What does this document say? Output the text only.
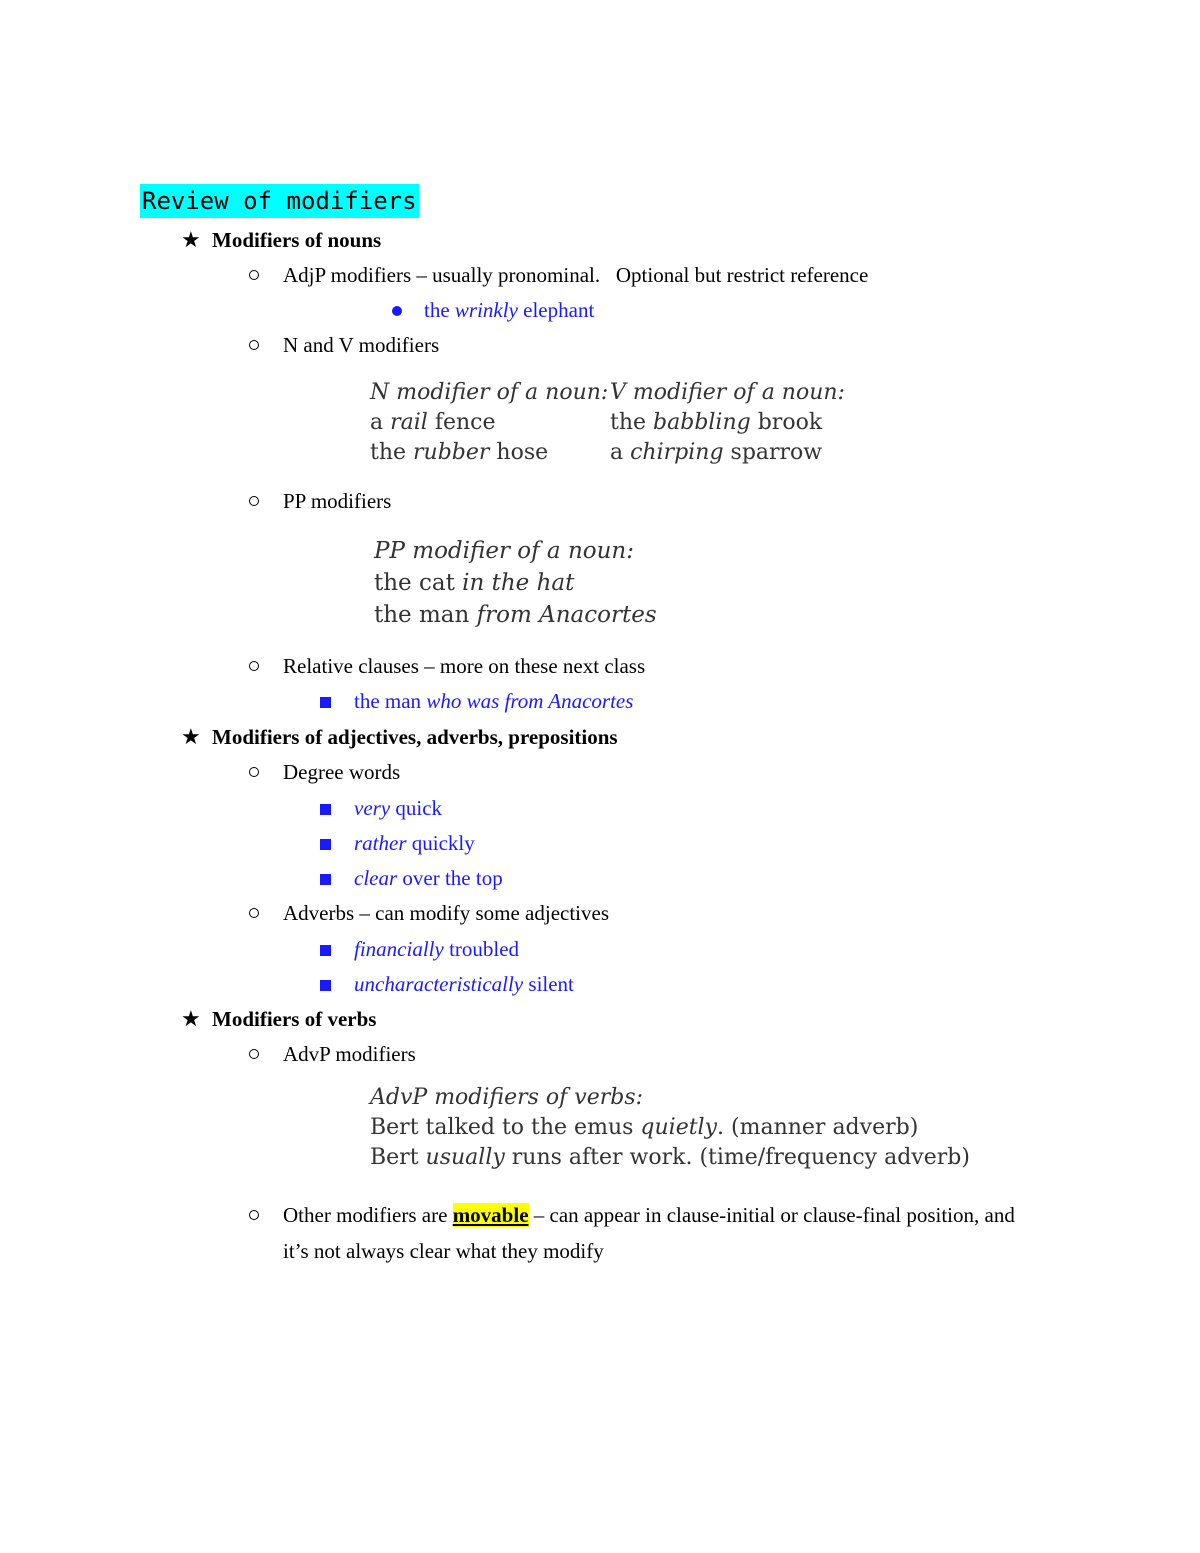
Review of modifiers
★ Modifiers of nouns
AdjP modifiers – usually pronominal.   Optional but restrict reference
the wrinkly elephant
N and V modifiers
N modifier of a noun:
a rail fence
the rubber hose
V modifier of a noun:
the babbling brook
a chirping sparrow
PP modifiers
PP modifier of a noun:
the cat in the hat
the man from Anacortes
Relative clauses – more on these next class
the man who was from Anacortes
★ Modifiers of adjectives, adverbs, prepositions
Degree words
very quick
rather quickly
clear over the top
Adverbs – can modify some adjectives
financially troubled
uncharacteristically silent
★ Modifiers of verbs
AdvP modifiers
AdvP modifiers of verbs:
Bert talked to the emus quietly. (manner adverb)
Bert usually runs after work. (time/frequency adverb)
Other modifiers are movable – can appear in clause-initial or clause-final position, and
it’s not always clear what they modify
